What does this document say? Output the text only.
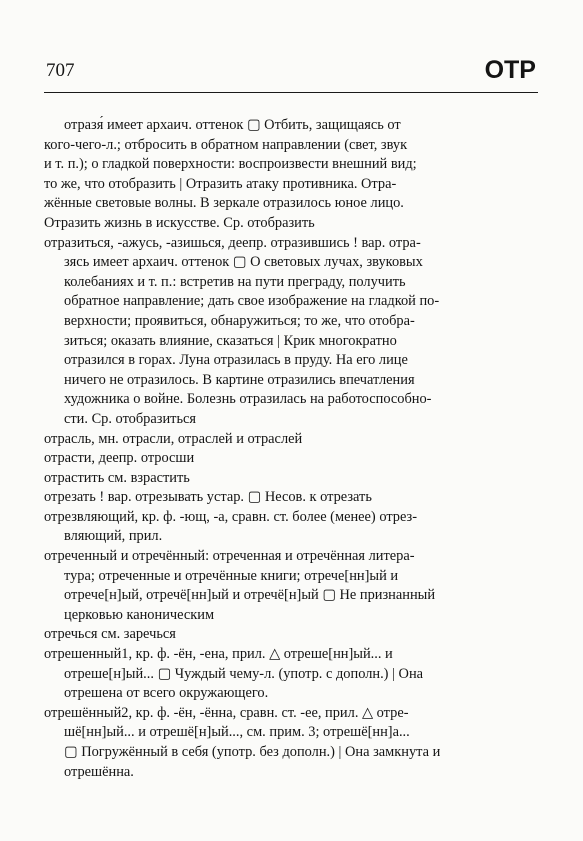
707	ОТР
отразя́ имеет архаич. оттенок ▢ Отбить, защищаясь от
кого-чего-л.; отбросить в обратном направлении (свет, звук
и т. п.); о гладкой поверхности: воспроизвести внешний вид;
то же, что отобразить | Отразить атаку противника. Отра-
жённые световые волны. В зеркале отразилось юное лицо.
Отразить жизнь в искусстве. Ср. отобразить
отразиться, -ажусь, -азишься, деепр. отразившись ! вар. отра-
зясь имеет архаич. оттенок ▢ О световых лучах, звуковых
колебаниях и т. п.: встретив на пути преграду, получить
обратное направление; дать свое изображение на гладкой по-
верхности; проявиться, обнаружиться; то же, что отобра-
зиться; оказать влияние, сказаться | Крик многократно
отразился в горах. Луна отразилась в пруду. На его лице
ничего не отразилось. В картине отразились впечатления
художника о войне. Болезнь отразилась на работоспособно-
сти. Ср. отобразиться
отрасль, мн. отрасли, отраслей и отраслей
отрасти, деепр. отросши
отрастить см. взрастить
отрезать ! вар. отрезывать устар. ▢ Несов. к отрезать
отрезвляющий, кр. ф. -ющ, -а, сравн. ст. более (менее) отрез-
вляющий, прил.
отреченный и отречённый: отреченная и отречённая литера-
тура; отреченные и отречённые книги; отрече[нн]ый и
отрече[н]ый, отречё[нн]ый и отречё[н]ый ▢ Не признанный
церковью каноническим
отречься см. заречься
отрешенный1, кр. ф. -ён, -ена, прил. △ отреше[нн]ый... и
отреше[н]ый... ▢ Чуждый чему-л. (употр. с дополн.) | Она
отрешена от всего окружающего.
отрешённый2, кр. ф. -ён, -ённа, сравн. ст. -ее, прил. △ отре-
шё[нн]ый... и отрешё[н]ый..., см. прим. 3; отрешё[нн]а...
▢ Погружённый в себя (употр. без дополн.) | Она замкнута и
отрешённа.
